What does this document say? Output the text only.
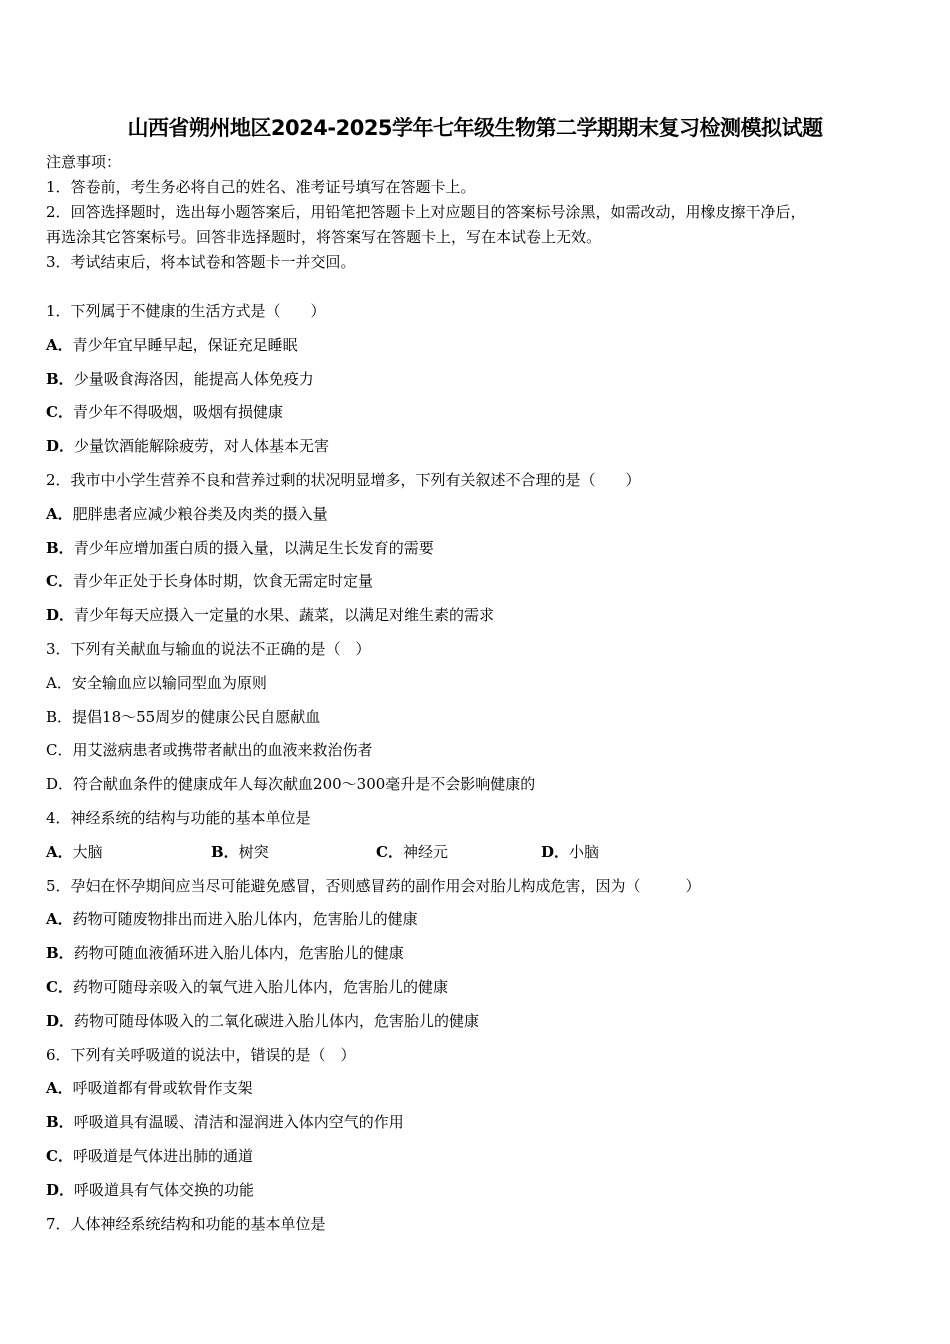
山西省朔州地区2024-2025学年七年级生物第二学期期末复习检测模拟试题
注意事项：
1．答卷前，考生务必将自己的姓名、准考证号填写在答题卡上。
2．回答选择题时，选出每小题答案后，用铅笔把答题卡上对应题目的答案标号涂黑，如需改动，用橡皮擦干净后，
再选涂其它答案标号。回答非选择题时，将答案写在答题卡上，写在本试卷上无效。
3．考试结束后，将本试卷和答题卡一并交回。
1．下列属于不健康的生活方式是（　　）
A．青少年宜早睡早起，保证充足睡眠
B．少量吸食海洛因，能提高人体免疫力
C．青少年不得吸烟，吸烟有损健康
D．少量饮酒能解除疲劳，对人体基本无害
2．我市中小学生营养不良和营养过剩的状况明显增多，下列有关叙述不合理的是（　　）
A．肥胖患者应减少粮谷类及肉类的摄入量
B．青少年应增加蛋白质的摄入量，以满足生长发育的需要
C．青少年正处于长身体时期，饮食无需定时定量
D．青少年每天应摄入一定量的水果、蔬菜，以满足对维生素的需求
3．下列有关献血与输血的说法不正确的是（　）
A．安全输血应以输同型血为原则
B．提倡18～55周岁的健康公民自愿献血
C．用艾滋病患者或携带者献出的血液来救治伤者
D．符合献血条件的健康成年人每次献血200～300毫升是不会影响健康的
4．神经系统的结构与功能的基本单位是
A．大脑	B．树突	C．神经元	D．小脑
5．孕妇在怀孕期间应当尽可能避免感冒，否则感冒药的副作用会对胎儿构成危害，因为（　　　）
A．药物可随废物排出而进入胎儿体内，危害胎儿的健康
B．药物可随血液循环进入胎儿体内，危害胎儿的健康
C．药物可随母亲吸入的氧气进入胎儿体内，危害胎儿的健康
D．药物可随母体吸入的二氧化碳进入胎儿体内，危害胎儿的健康
6．下列有关呼吸道的说法中，错误的是（　）
A．呼吸道都有骨或软骨作支架
B．呼吸道具有温暖、清洁和湿润进入体内空气的作用
C．呼吸道是气体进出肺的通道
D．呼吸道具有气体交换的功能
7．人体神经系统结构和功能的基本单位是
